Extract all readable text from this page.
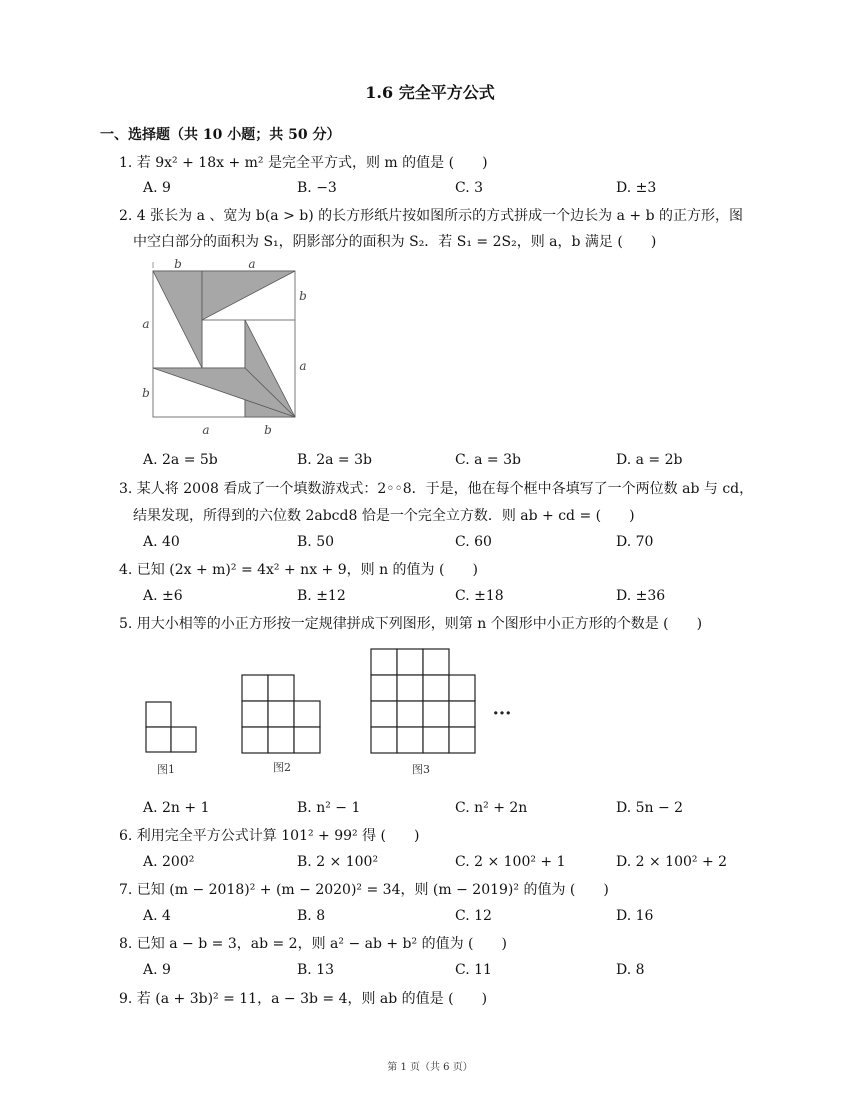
1.6 完全平方公式
一、选择题（共 10 小题；共 50 分）
1. 若 9x² + 18x + m² 是完全平方式，则 m 的值是 (　　)
A. 9	B. −3	C. 3	D. ±3
2. 4 张长为 a 、宽为 b(a > b) 的长方形纸片按如图所示的方式拼成一个边长为 a + b 的正方形，图
中空白部分的面积为 S₁，阴影部分的面积为 S₂．若 S₁ = 2S₂，则 a，b 满足 (　　)
b	a
a
b
b
a
a	b
A. 2a = 5b	B. 2a = 3b	C. a = 3b	D. a = 2b
3. 某人将 2008 看成了一个填数游戏式：2◦◦8．于是，他在每个框中各填写了一个两位数 ab 与 cd，
结果发现，所得到的六位数 2abcd8 恰是一个完全立方数．则 ab + cd = (　　)
A. 40	B. 50	C. 60	D. 70
4. 已知 (2x + m)² = 4x² + nx + 9，则 n 的值为 (　　)
A. ±6	B. ±12	C. ±18	D. ±36
5. 用大小相等的小正方形按一定规律拼成下列图形，则第 n 个图形中小正方形的个数是 (　　)
···
图1	图2	图3
A. 2n + 1	B. n² − 1	C. n² + 2n	D. 5n − 2
6. 利用完全平方公式计算 101² + 99² 得 (　　)
A. 200²	B. 2 × 100²	C. 2 × 100² + 1	D. 2 × 100² + 2
7. 已知 (m − 2018)² + (m − 2020)² = 34，则 (m − 2019)² 的值为 (　　)
A. 4	B. 8	C. 12	D. 16
8. 已知 a − b = 3，ab = 2，则 a² − ab + b² 的值为 (　　)
A. 9	B. 13	C. 11	D. 8
9. 若 (a + 3b)² = 11，a − 3b = 4，则 ab 的值是 (　　)
第 1 页（共 6 页）
